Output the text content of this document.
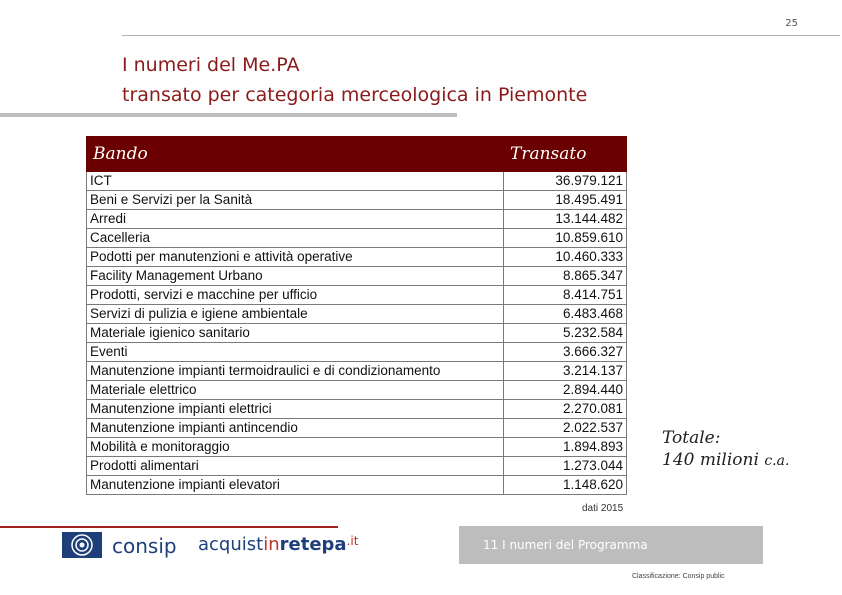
25
I numeri del Me.PA
transato per categoria merceologica in Piemonte
Bando	Transato
ICT	36.979.121
Beni e Servizi per la Sanità	18.495.491
Arredi	13.144.482
Cacelleria	10.859.610
Podotti per manutenzioni e attività operative	10.460.333
Facility Management Urbano	8.865.347
Prodotti, servizi e macchine per ufficio	8.414.751
Servizi di pulizia e igiene ambientale	6.483.468
Materiale igienico sanitario	5.232.584
Eventi	3.666.327
Manutenzione impianti termoidraulici e di condizionamento	3.214.137
Materiale elettrico	2.894.440
Manutenzione impianti elettrici	2.270.081
Manutenzione impianti antincendio	2.022.537
Mobilità e monitoraggio	1.894.893
Prodotti alimentari	1.273.044
Manutenzione impianti elevatori	1.148.620
Totale:
140 milioni c.a.
dati 2015
consip acquistinretepa$^{.it}$	11 I numeri del Programma
Classificazione: Consip public
